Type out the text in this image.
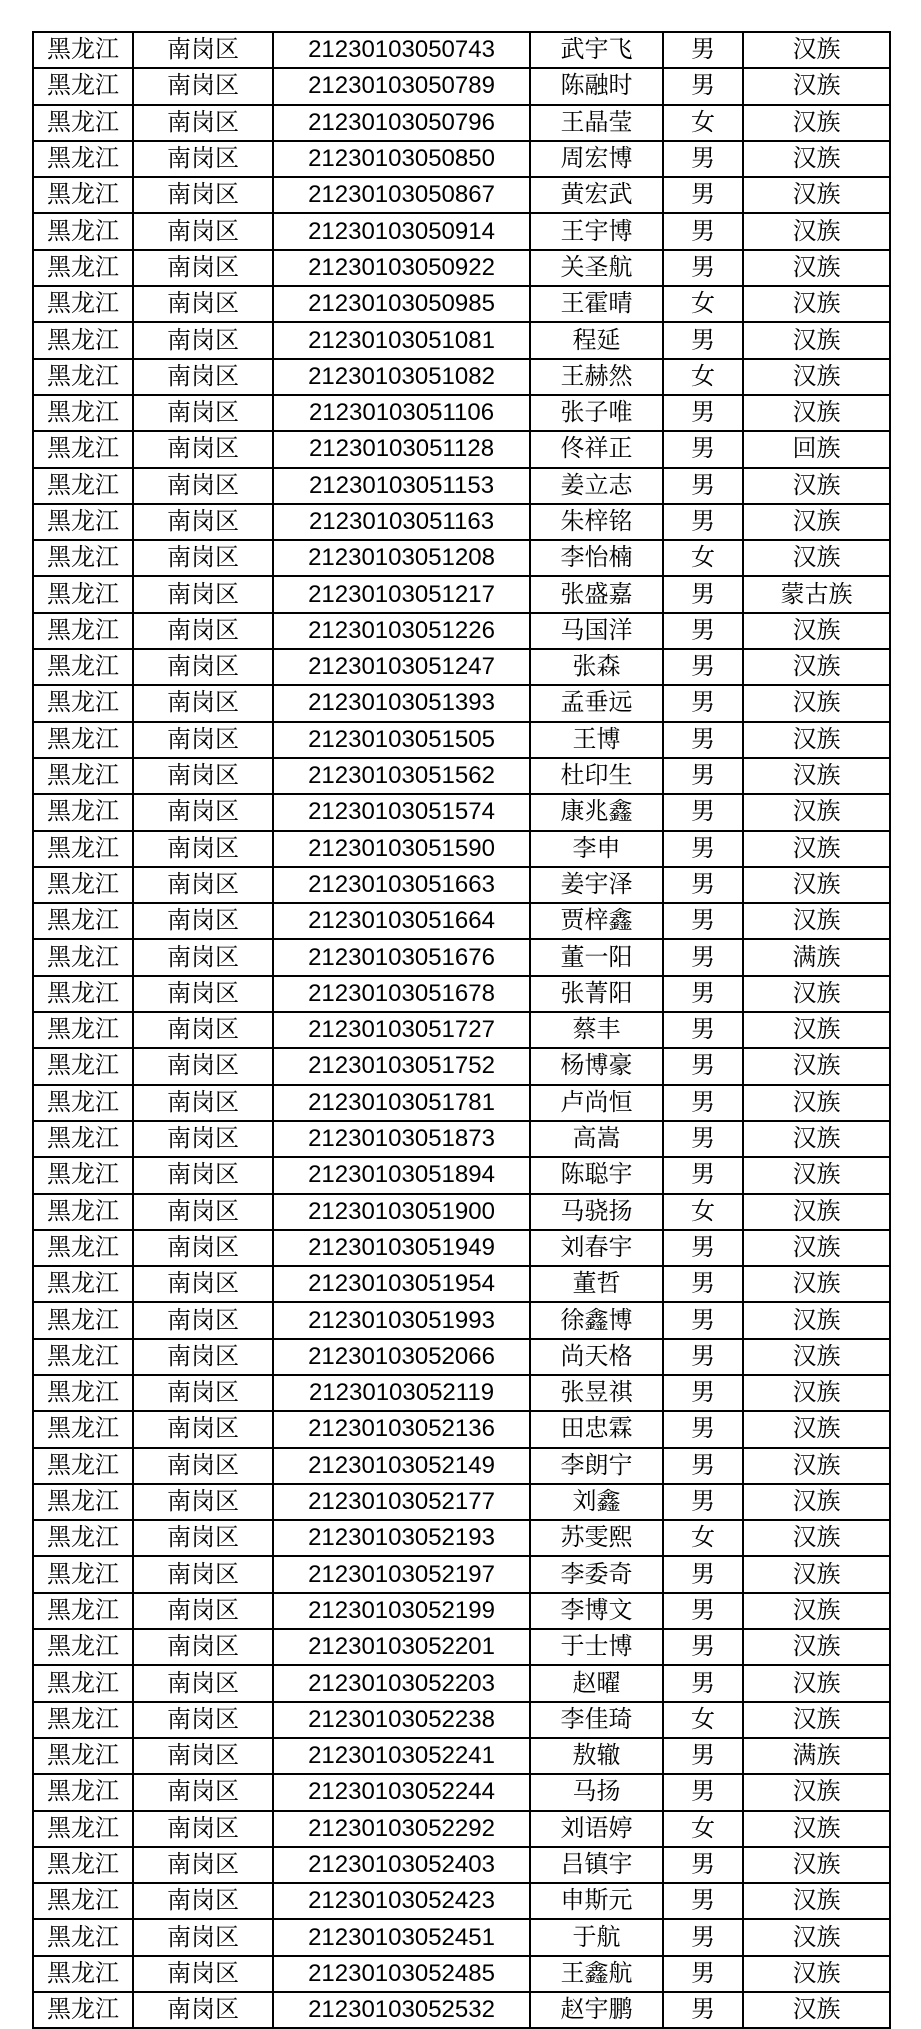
黑龙江	南岗区	21230103050743	武宇飞	男	汉族
黑龙江	南岗区	21230103050789	陈融时	男	汉族
黑龙江	南岗区	21230103050796	王晶莹	女	汉族
黑龙江	南岗区	21230103050850	周宏博	男	汉族
黑龙江	南岗区	21230103050867	黄宏武	男	汉族
黑龙江	南岗区	21230103050914	王宇博	男	汉族
黑龙江	南岗区	21230103050922	关圣航	男	汉族
黑龙江	南岗区	21230103050985	王霍晴	女	汉族
黑龙江	南岗区	21230103051081	程延	男	汉族
黑龙江	南岗区	21230103051082	王赫然	女	汉族
黑龙江	南岗区	21230103051106	张子唯	男	汉族
黑龙江	南岗区	21230103051128	佟祥正	男	回族
黑龙江	南岗区	21230103051153	姜立志	男	汉族
黑龙江	南岗区	21230103051163	朱梓铭	男	汉族
黑龙江	南岗区	21230103051208	李怡楠	女	汉族
黑龙江	南岗区	21230103051217	张盛嘉	男	蒙古族
黑龙江	南岗区	21230103051226	马国洋	男	汉族
黑龙江	南岗区	21230103051247	张森	男	汉族
黑龙江	南岗区	21230103051393	孟垂远	男	汉族
黑龙江	南岗区	21230103051505	王博	男	汉族
黑龙江	南岗区	21230103051562	杜印生	男	汉族
黑龙江	南岗区	21230103051574	康兆鑫	男	汉族
黑龙江	南岗区	21230103051590	李申	男	汉族
黑龙江	南岗区	21230103051663	姜宇泽	男	汉族
黑龙江	南岗区	21230103051664	贾梓鑫	男	汉族
黑龙江	南岗区	21230103051676	董一阳	男	满族
黑龙江	南岗区	21230103051678	张菁阳	男	汉族
黑龙江	南岗区	21230103051727	蔡丰	男	汉族
黑龙江	南岗区	21230103051752	杨博豪	男	汉族
黑龙江	南岗区	21230103051781	卢尚恒	男	汉族
黑龙江	南岗区	21230103051873	高嵩	男	汉族
黑龙江	南岗区	21230103051894	陈聪宇	男	汉族
黑龙江	南岗区	21230103051900	马骁扬	女	汉族
黑龙江	南岗区	21230103051949	刘春宇	男	汉族
黑龙江	南岗区	21230103051954	董哲	男	汉族
黑龙江	南岗区	21230103051993	徐鑫博	男	汉族
黑龙江	南岗区	21230103052066	尚天格	男	汉族
黑龙江	南岗区	21230103052119	张昱祺	男	汉族
黑龙江	南岗区	21230103052136	田忠霖	男	汉族
黑龙江	南岗区	21230103052149	李朗宁	男	汉族
黑龙江	南岗区	21230103052177	刘鑫	男	汉族
黑龙江	南岗区	21230103052193	苏雯熙	女	汉族
黑龙江	南岗区	21230103052197	李委奇	男	汉族
黑龙江	南岗区	21230103052199	李博文	男	汉族
黑龙江	南岗区	21230103052201	于士博	男	汉族
黑龙江	南岗区	21230103052203	赵曜	男	汉族
黑龙江	南岗区	21230103052238	李佳琦	女	汉族
黑龙江	南岗区	21230103052241	敖辙	男	满族
黑龙江	南岗区	21230103052244	马扬	男	汉族
黑龙江	南岗区	21230103052292	刘语婷	女	汉族
黑龙江	南岗区	21230103052403	吕镇宇	男	汉族
黑龙江	南岗区	21230103052423	申斯元	男	汉族
黑龙江	南岗区	21230103052451	于航	男	汉族
黑龙江	南岗区	21230103052485	王鑫航	男	汉族
黑龙江	南岗区	21230103052532	赵宇鹏	男	汉族
